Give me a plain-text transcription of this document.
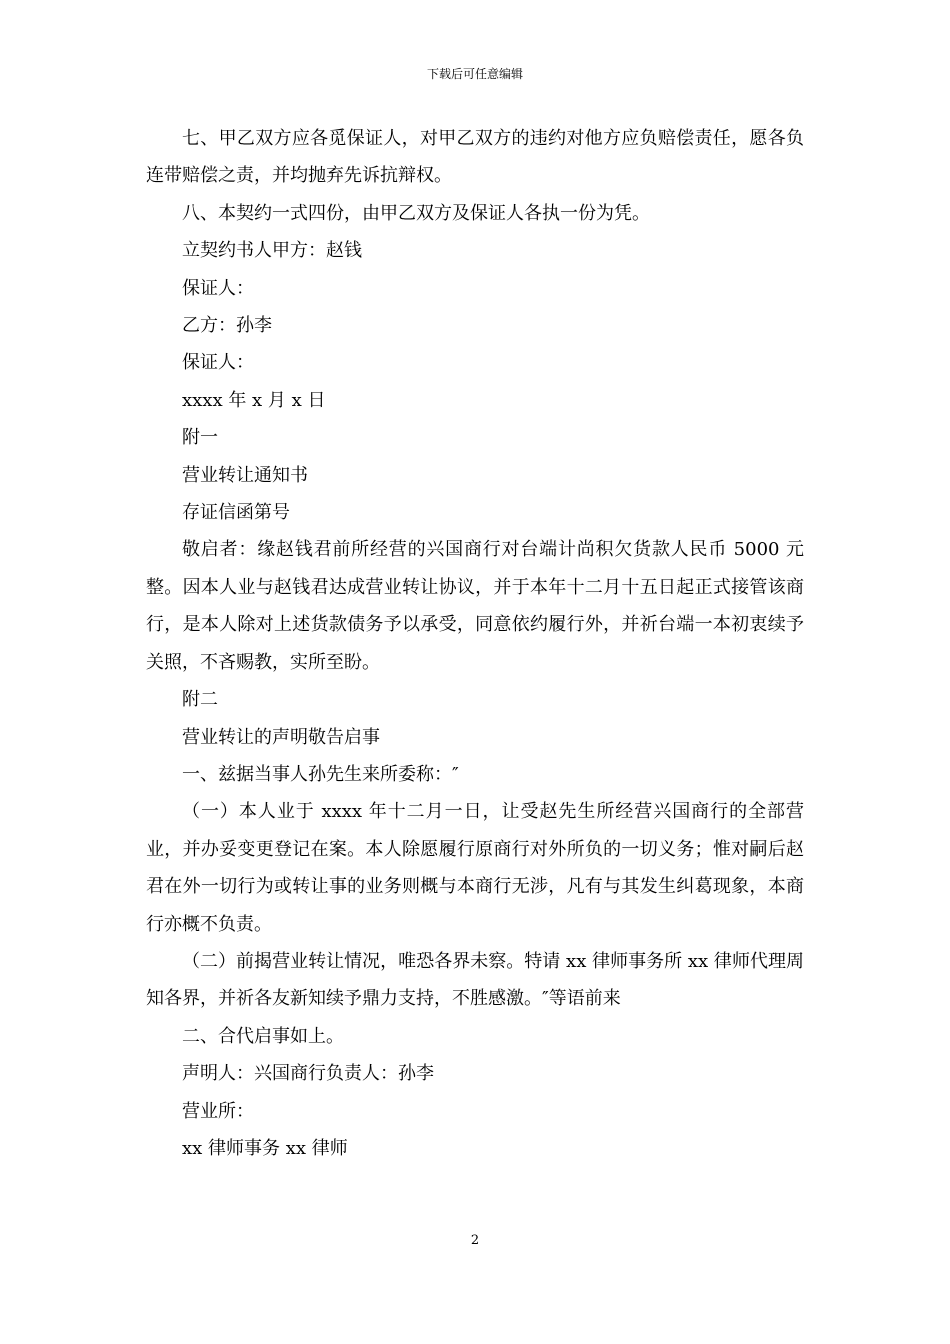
下载后可任意编辑

七、甲乙双方应各觅保证人，对甲乙双方的违约对他方应负赔偿责任，愿各负连带赔偿之责，并均抛弃先诉抗辩权。

八、本契约一式四份，由甲乙双方及保证人各执一份为凭。

立契约书人甲方：赵钱

保证人：

乙方：孙李

保证人：

xxxx 年 x 月 x 日

附一

营业转让通知书

存证信函第号

敬启者：缘赵钱君前所经营的兴国商行对台端计尚积欠货款人民币 5000 元整。因本人业与赵钱君达成营业转让协议，并于本年十二月十五日起正式接管该商行，是本人除对上述货款债务予以承受，同意依约履行外，并祈台端一本初衷续予关照，不吝赐教，实所至盼。

附二

营业转让的声明敬告启事

一、兹据当事人孙先生来所委称：″

（一）本人业于 xxxx 年十二月一日，让受赵先生所经营兴国商行的全部营业，并办妥变更登记在案。本人除愿履行原商行对外所负的一切义务；惟对嗣后赵君在外一切行为或转让事的业务则概与本商行无涉，凡有与其发生纠葛现象，本商行亦概不负责。

（二）前揭营业转让情况，唯恐各界未察。特请 xx 律师事务所 xx 律师代理周知各界，并祈各友新知续予鼎力支持，不胜感激。″等语前来

二、合代启事如上。

声明人：兴国商行负责人：孙李

营业所：

xx 律师事务 xx 律师

2
